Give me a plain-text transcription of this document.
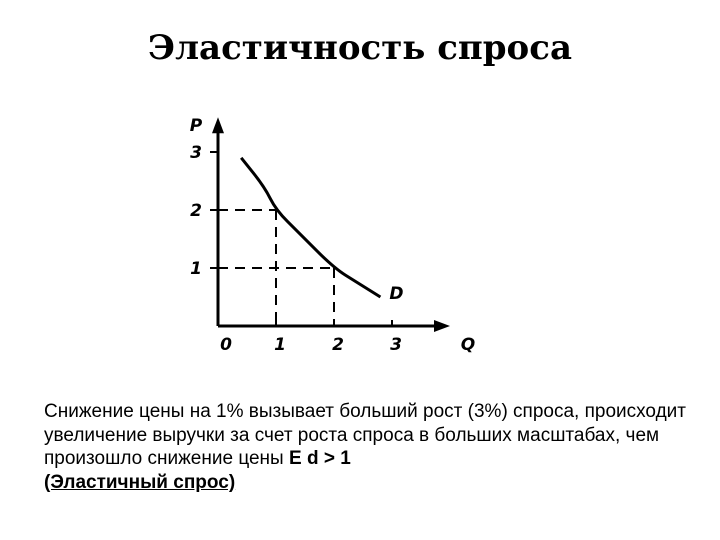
Эластичность спроса
P
Q
0 1	2	3
1
2
3
D

Снижение цены на 1% вызывает больший рост (3%) спроса, происходит увеличение выручки за счет роста спроса в больших масштабах, чем произошло снижение цены E d > 1
(Эластичный спрос)
